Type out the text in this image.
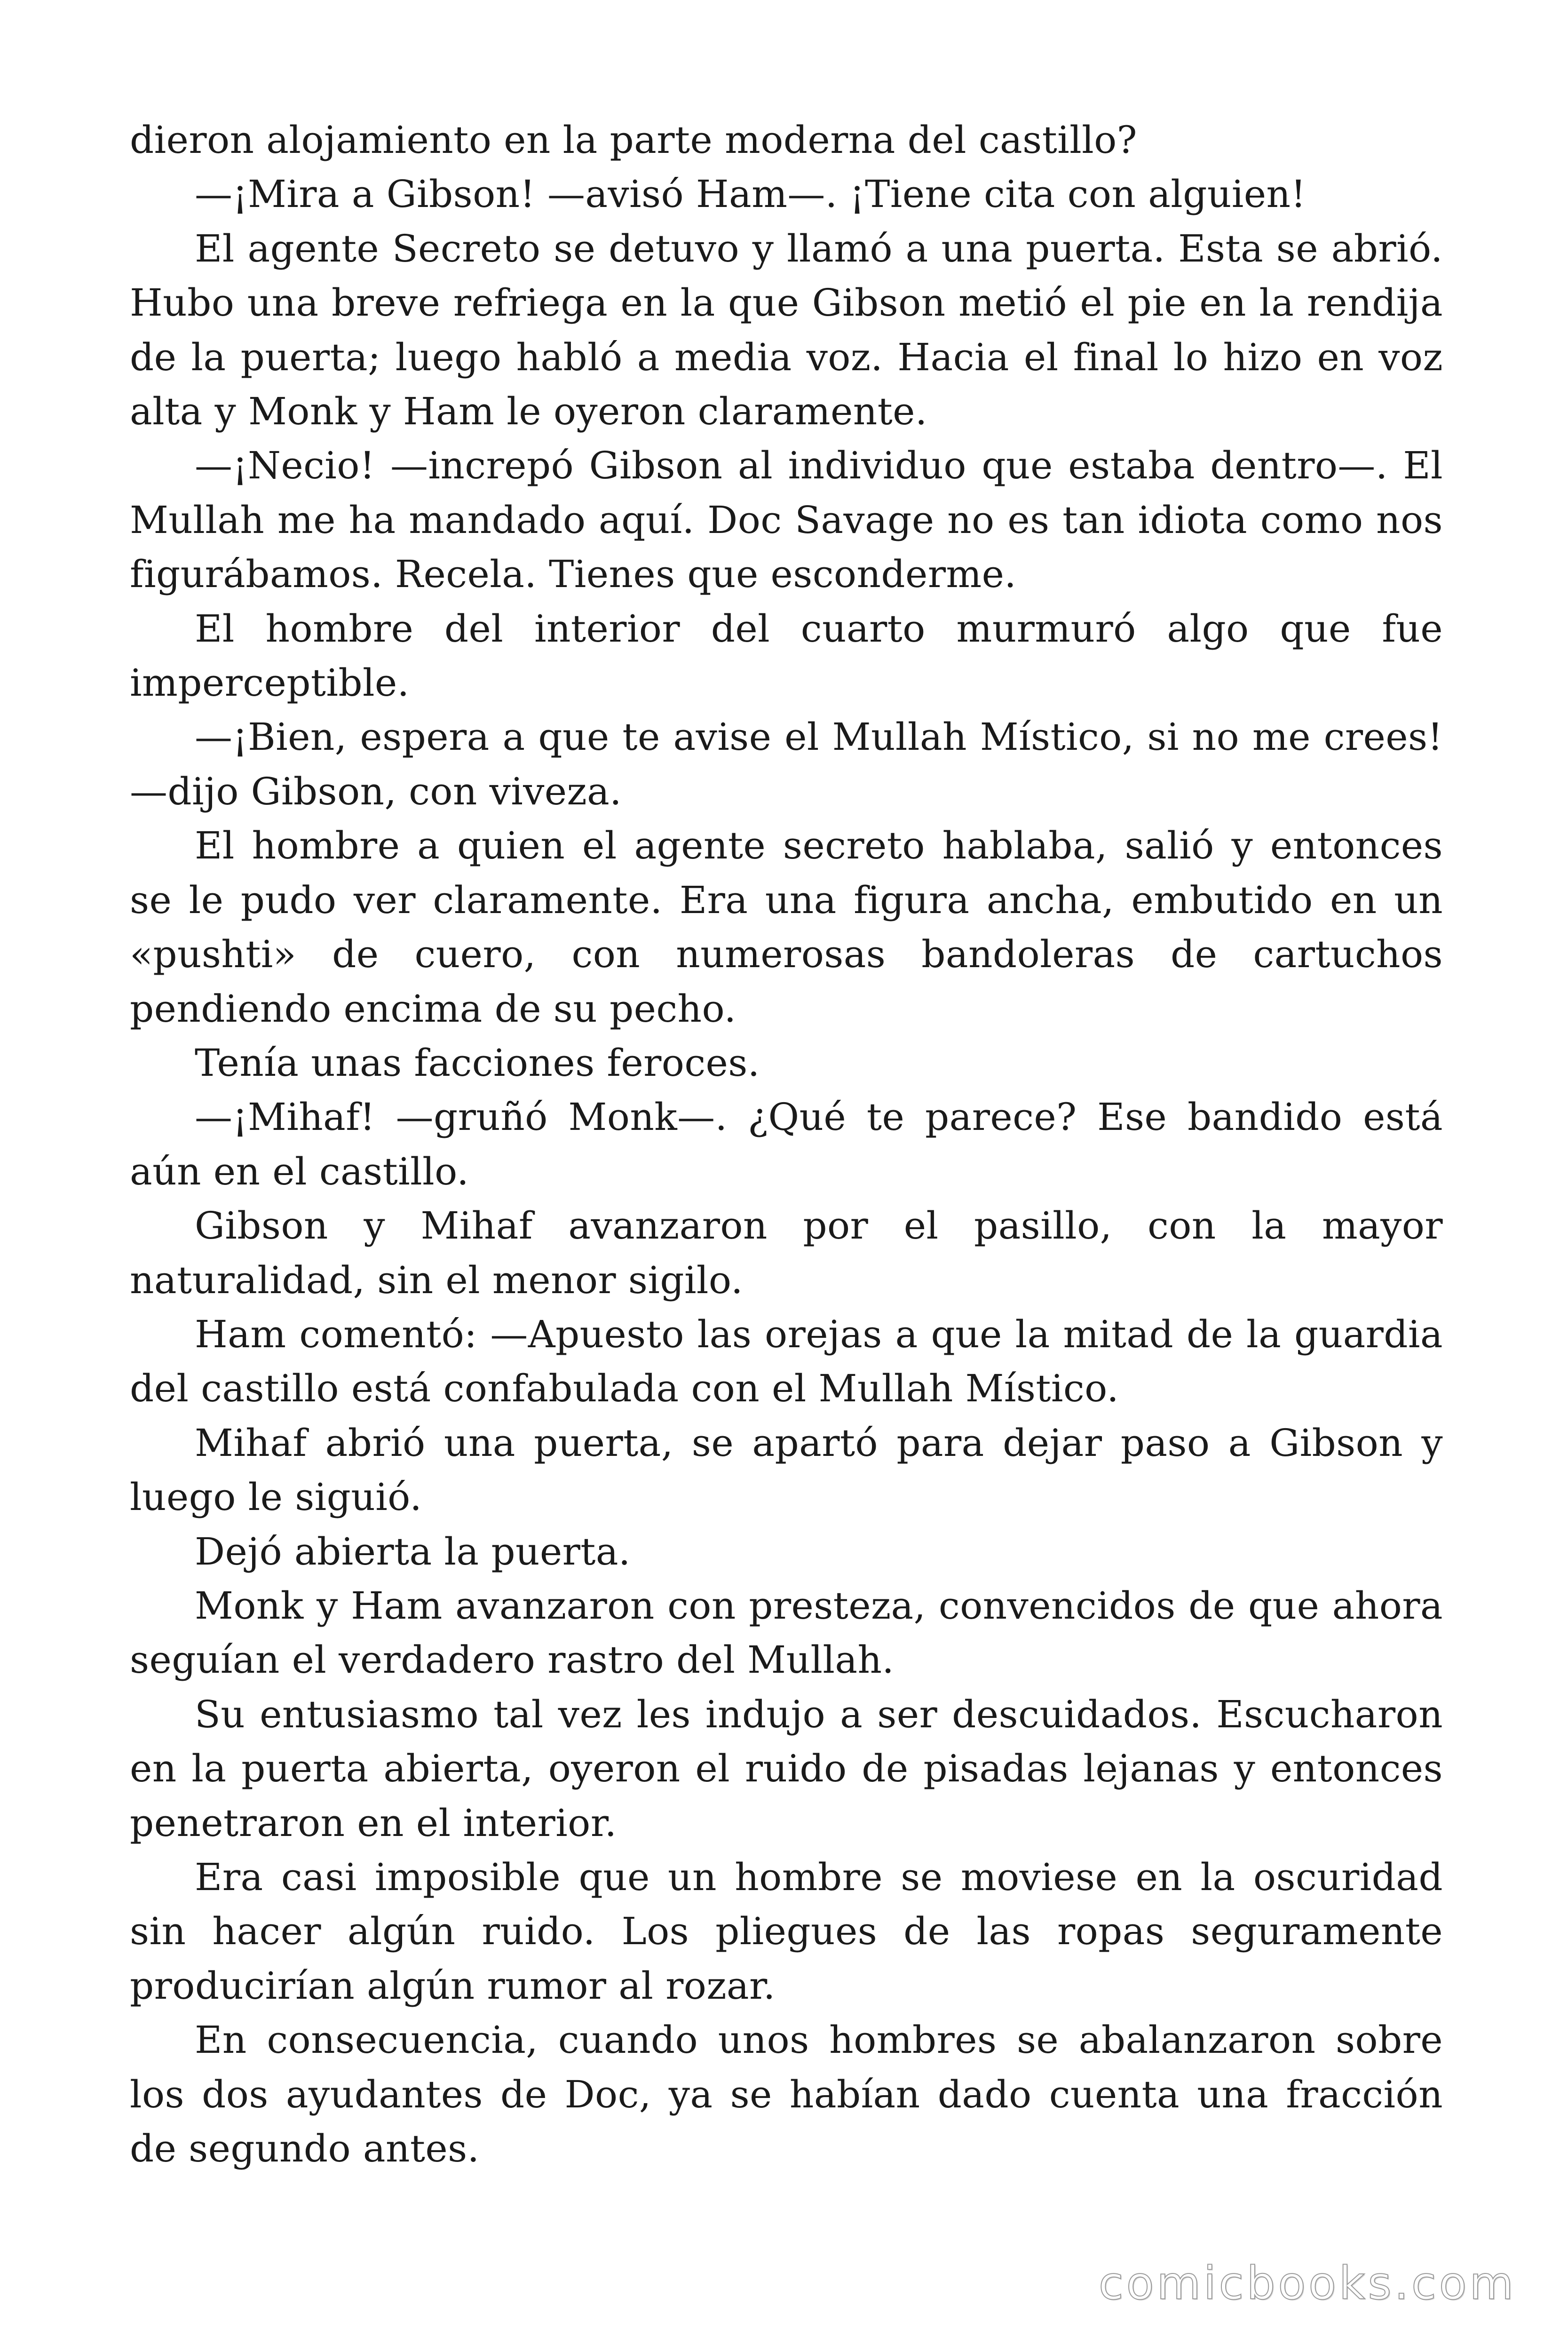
dieron alojamiento en la parte moderna del castillo?

—¡Mira a Gibson! —avisó Ham—. ¡Tiene cita con alguien!

El agente Secreto se detuvo y llamó a una puerta. Esta se abrió. Hubo una breve refriega en la que Gibson metió el pie en la rendija de la puerta; luego habló a media voz. Hacia el final lo hizo en voz alta y Monk y Ham le oyeron claramente.

—¡Necio! —increpó Gibson al individuo que estaba dentro—. El Mullah me ha mandado aquí. Doc Savage no es tan idiota como nos figurábamos. Recela. Tienes que esconderme.

El hombre del interior del cuarto murmuró algo que fue imperceptible.

—¡Bien, espera a que te avise el Mullah Místico, si no me crees! —dijo Gibson, con viveza.

El hombre a quien el agente secreto hablaba, salió y entonces se le pudo ver claramente. Era una figura ancha, embutido en un «pushti» de cuero, con numerosas bandoleras de cartuchos pendiendo encima de su pecho.

Tenía unas facciones feroces.

—¡Mihaf! —gruñó Monk—. ¿Qué te parece? Ese bandido está aún en el castillo.

Gibson y Mihaf avanzaron por el pasillo, con la mayor naturalidad, sin el menor sigilo.

Ham comentó: —Apuesto las orejas a que la mitad de la guardia del castillo está confabulada con el Mullah Místico.

Mihaf abrió una puerta, se apartó para dejar paso a Gibson y luego le siguió.

Dejó abierta la puerta.

Monk y Ham avanzaron con presteza, convencidos de que ahora seguían el verdadero rastro del Mullah.

Su entusiasmo tal vez les indujo a ser descuidados. Escucharon en la puerta abierta, oyeron el ruido de pisadas lejanas y entonces penetraron en el interior.

Era casi imposible que un hombre se moviese en la oscuridad sin hacer algún ruido. Los pliegues de las ropas seguramente producirían algún rumor al rozar.

En consecuencia, cuando unos hombres se abalanzaron sobre los dos ayudantes de Doc, ya se habían dado cuenta una fracción de segundo antes.

comicbooks.com
